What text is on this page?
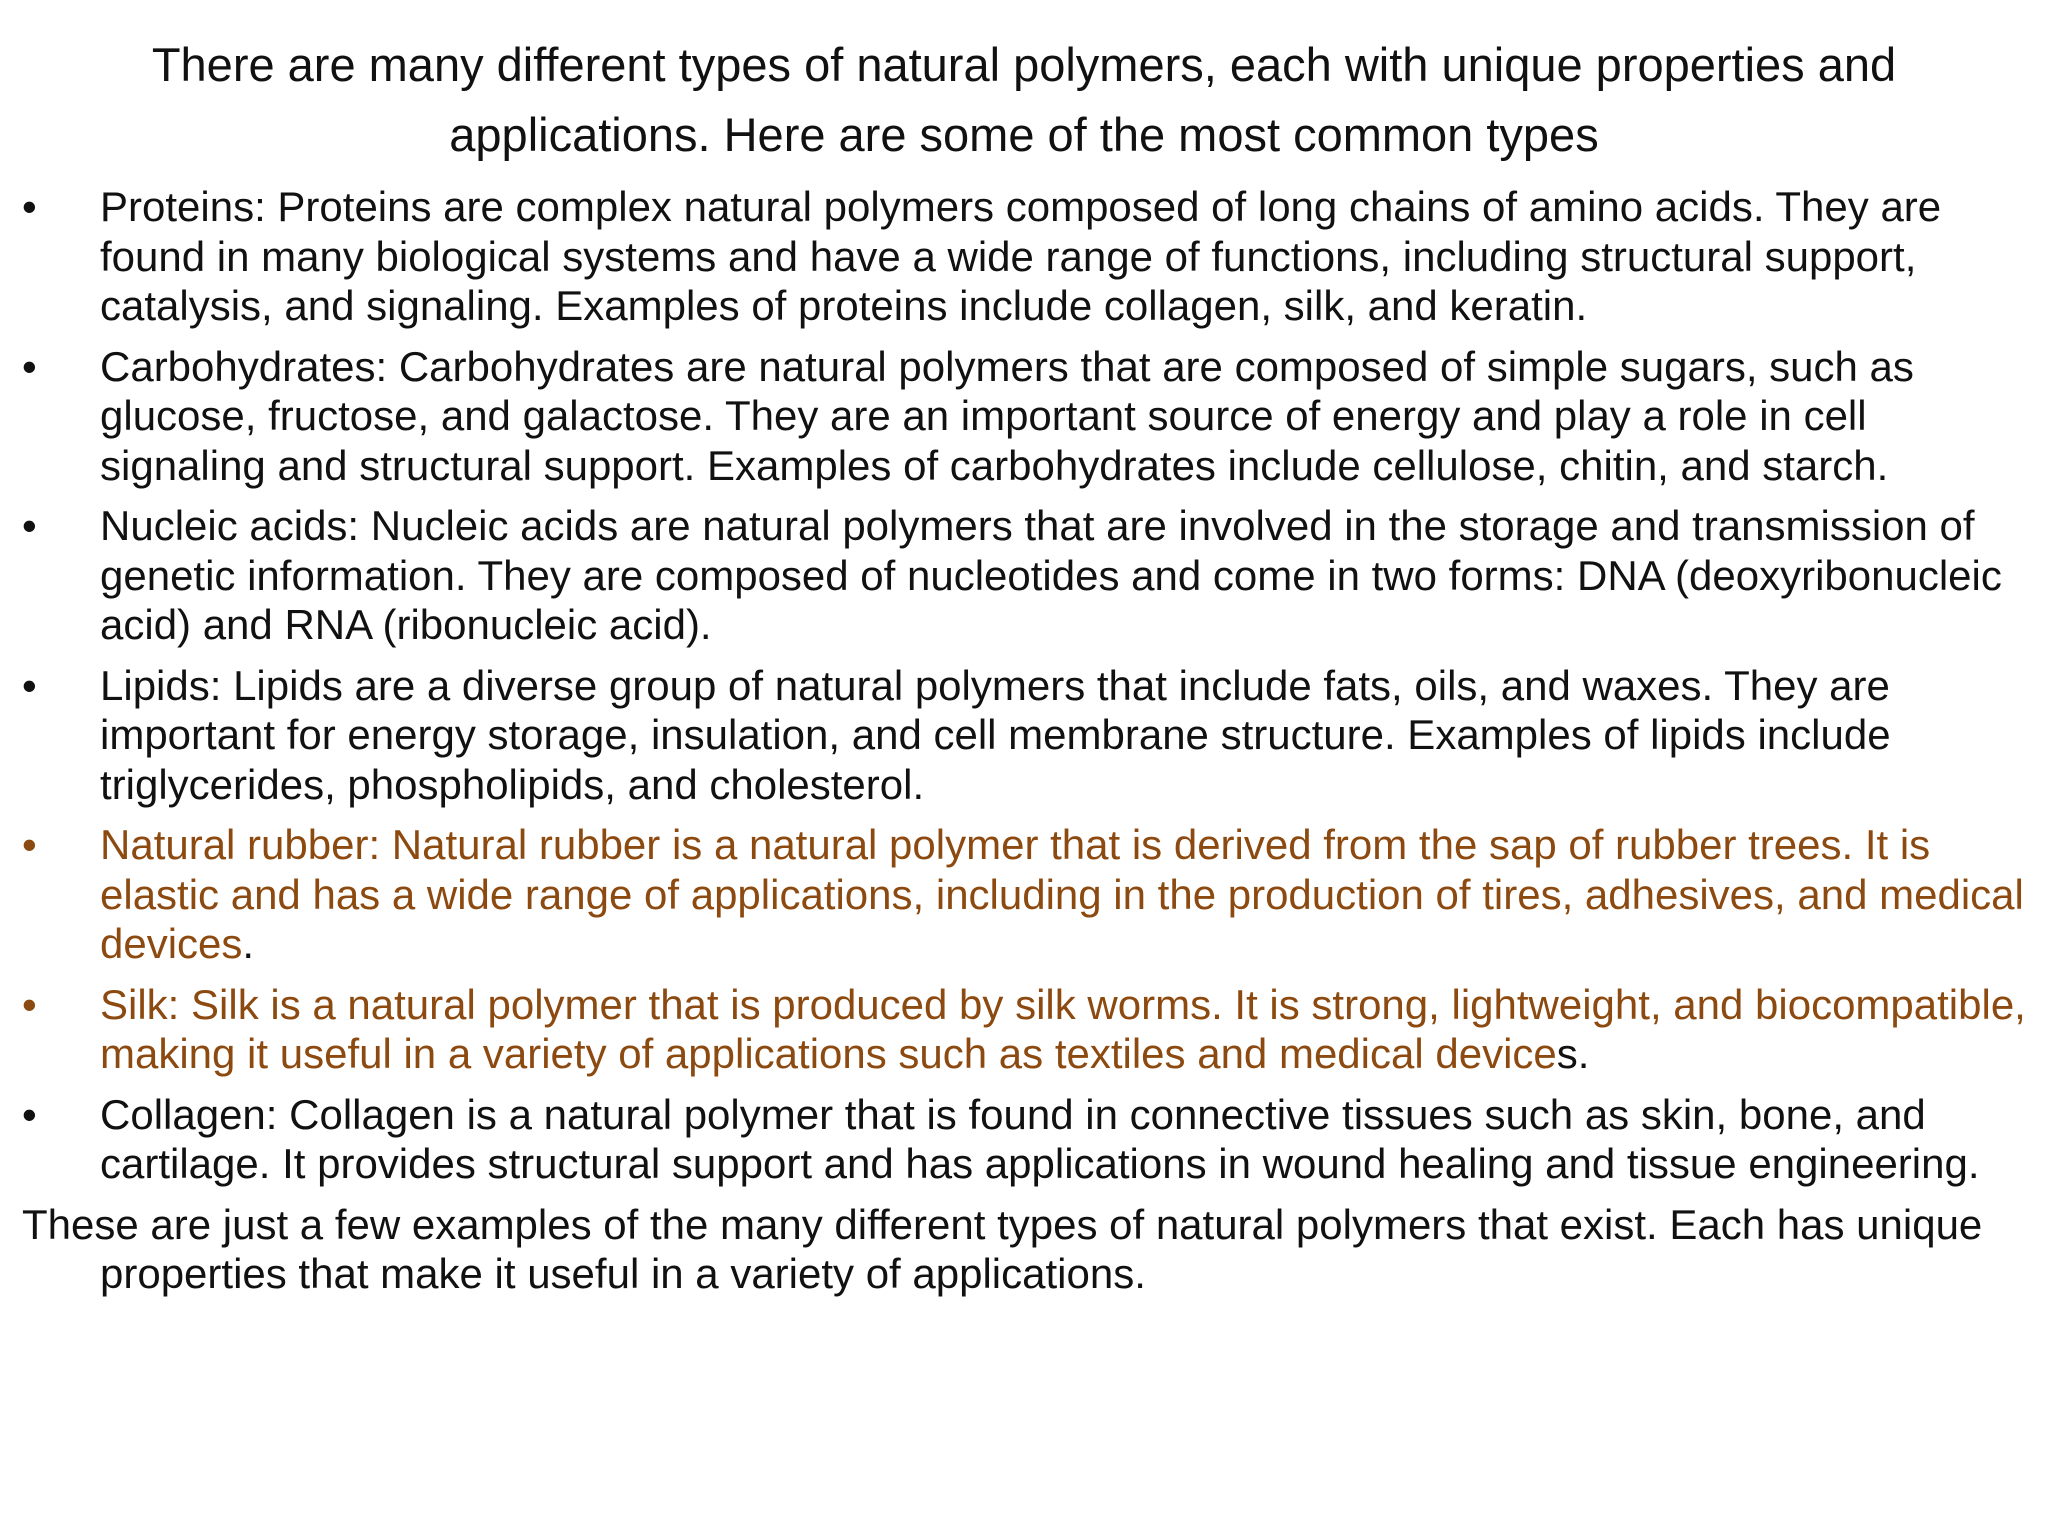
There are many different types of natural polymers, each with unique properties and applications. Here are some of the most common types
•	Proteins: Proteins are complex natural polymers composed of long chains of amino acids. They are found in many biological systems and have a wide range of functions, including structural support, catalysis, and signaling. Examples of proteins include collagen, silk, and keratin.
•	Carbohydrates: Carbohydrates are natural polymers that are composed of simple sugars, such as glucose, fructose, and galactose. They are an important source of energy and play a role in cell signaling and structural support. Examples of carbohydrates include cellulose, chitin, and starch.
•	Nucleic acids: Nucleic acids are natural polymers that are involved in the storage and transmission of genetic information. They are composed of nucleotides and come in two forms: DNA (deoxyribonucleic acid) and RNA (ribonucleic acid).
•	Lipids: Lipids are a diverse group of natural polymers that include fats, oils, and waxes. They are important for energy storage, insulation, and cell membrane structure. Examples of lipids include triglycerides, phospholipids, and cholesterol.
•	Natural rubber: Natural rubber is a natural polymer that is derived from the sap of rubber trees. It is elastic and has a wide range of applications, including in the production of tires, adhesives, and medical devices.
•	Silk: Silk is a natural polymer that is produced by silk worms. It is strong, lightweight, and biocompatible, making it useful in a variety of applications such as textiles and medical devices.
•	Collagen: Collagen is a natural polymer that is found in connective tissues such as skin, bone, and cartilage. It provides structural support and has applications in wound healing and tissue engineering.

These are just a few examples of the many different types of natural polymers that exist. Each has unique properties that make it useful in a variety of applications.
